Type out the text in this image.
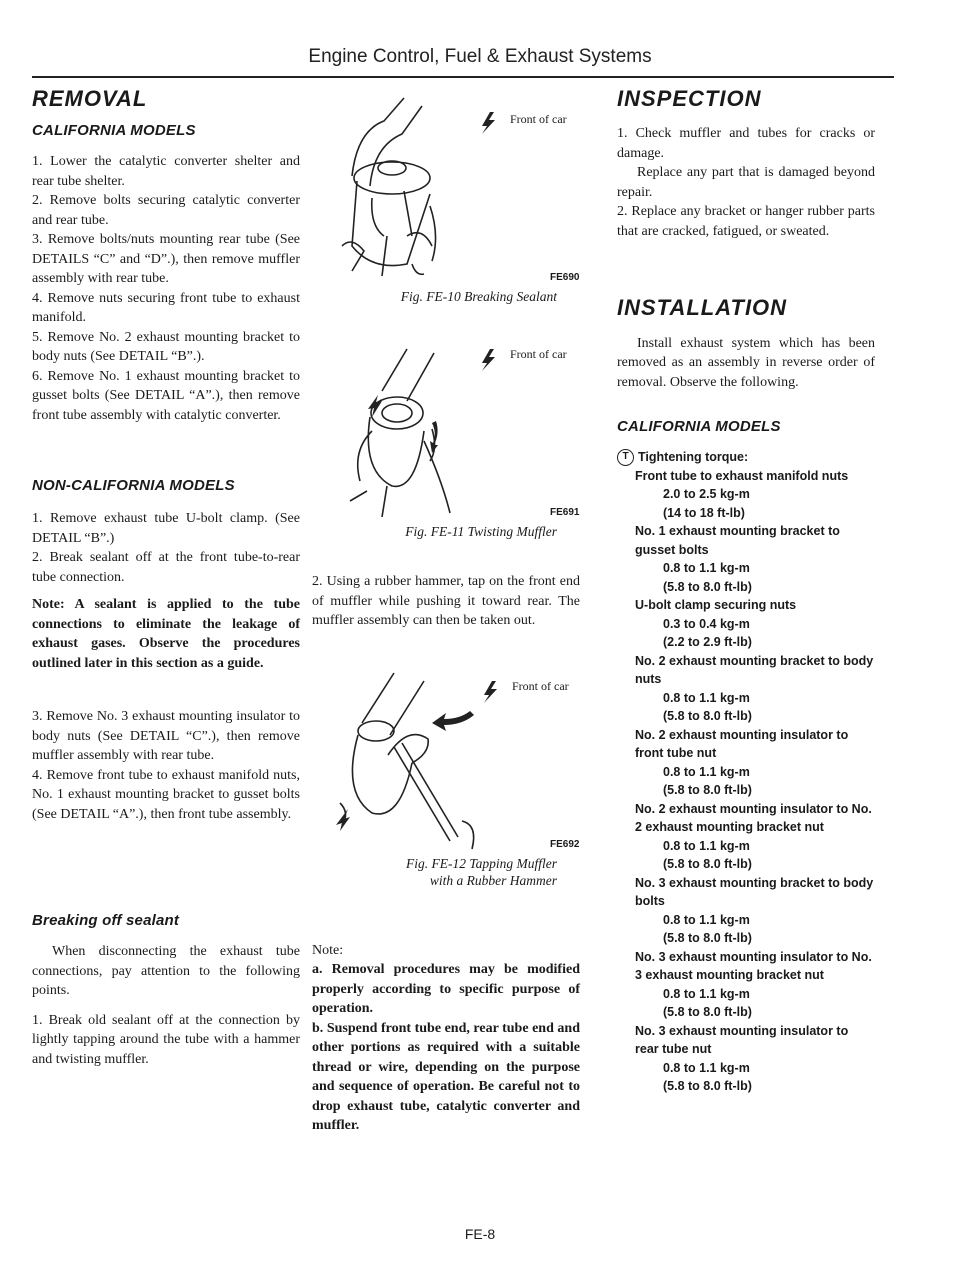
Engine Control, Fuel & Exhaust Systems
REMOVAL
CALIFORNIA MODELS

1. Lower the catalytic converter shelter and rear tube shelter.

2. Remove bolts securing catalytic converter and rear tube.

3. Remove bolts/nuts mounting rear tube (See DETAILS “C” and “D”.), then remove muffler assembly with rear tube.

4. Remove nuts securing front tube to exhaust manifold.

5. Remove No. 2 exhaust mounting bracket to body nuts (See DETAIL “B”.).

6. Remove No. 1 exhaust mounting bracket to gusset bolts (See DETAIL “A”.), then remove front tube assembly with catalytic converter.

NON-CALIFORNIA MODELS

1. Remove exhaust tube U-bolt clamp. (See DETAIL “B”.)

2. Break sealant off at the front tube-to-rear tube connection.

Note: A sealant is applied to the tube connections to eliminate the leakage of exhaust gases. Observe the procedures outlined later in this section as a guide.

3. Remove No. 3 exhaust mounting insulator to body nuts (See DETAIL “C”.), then remove muffler assembly with rear tube.

4. Remove front tube to exhaust manifold nuts, No. 1 exhaust mounting bracket to gusset bolts (See DETAIL “A”.), then front tube assembly.

Breaking off sealant

When disconnecting the exhaust tube connections, pay attention to the following points.

1. Break old sealant off at the connection by lightly tapping around the tube with a hammer and twisting muffler.

Front of car
FE690

Fig. FE-10 Breaking Sealant

Front of car
FE691

Fig. FE-11 Twisting Muffler

2. Using a rubber hammer, tap on the front end of muffler while pushing it toward rear. The muffler assembly can then be taken out.

Front of car
FE692

Fig. FE-12 Tapping Muffler with a Rubber Hammer

Note:

a. Removal procedures may be modified properly according to specific purpose of operation.

b. Suspend front tube end, rear tube end and other portions as required with a suitable thread or wire, depending on the purpose and sequence of operation. Be careful not to drop exhaust tube, catalytic converter and muffler.

INSPECTION

1. Check muffler and tubes for cracks or damage.

Replace any part that is damaged beyond repair.

2. Replace any bracket or hanger rubber parts that are cracked, fatigued, or sweated.

INSTALLATION

Install exhaust system which has been removed as an assembly in reverse order of removal. Observe the following.

CALIFORNIA MODELS
T Tightening torque:
Front tube to exhaust manifold nuts
2.0 to 2.5 kg-m
(14 to 18 ft-lb)
No. 1 exhaust mounting bracket to gusset bolts
0.8 to 1.1 kg-m
(5.8 to 8.0 ft-lb)
U-bolt clamp securing nuts
0.3 to 0.4 kg-m
(2.2 to 2.9 ft-lb)
No. 2 exhaust mounting bracket to body nuts
0.8 to 1.1 kg-m
(5.8 to 8.0 ft-lb)
No. 2 exhaust mounting insulator to front tube nut
0.8 to 1.1 kg-m
(5.8 to 8.0 ft-lb)
No. 2 exhaust mounting insulator to No. 2 exhaust mounting bracket nut
0.8 to 1.1 kg-m
(5.8 to 8.0 ft-lb)
No. 3 exhaust mounting bracket to body bolts
0.8 to 1.1 kg-m
(5.8 to 8.0 ft-lb)
No. 3 exhaust mounting insulator to No. 3 exhaust mounting bracket nut
0.8 to 1.1 kg-m
(5.8 to 8.0 ft-lb)
No. 3 exhaust mounting insulator to rear tube nut
0.8 to 1.1 kg-m
(5.8 to 8.0 ft-lb)
FE-8
